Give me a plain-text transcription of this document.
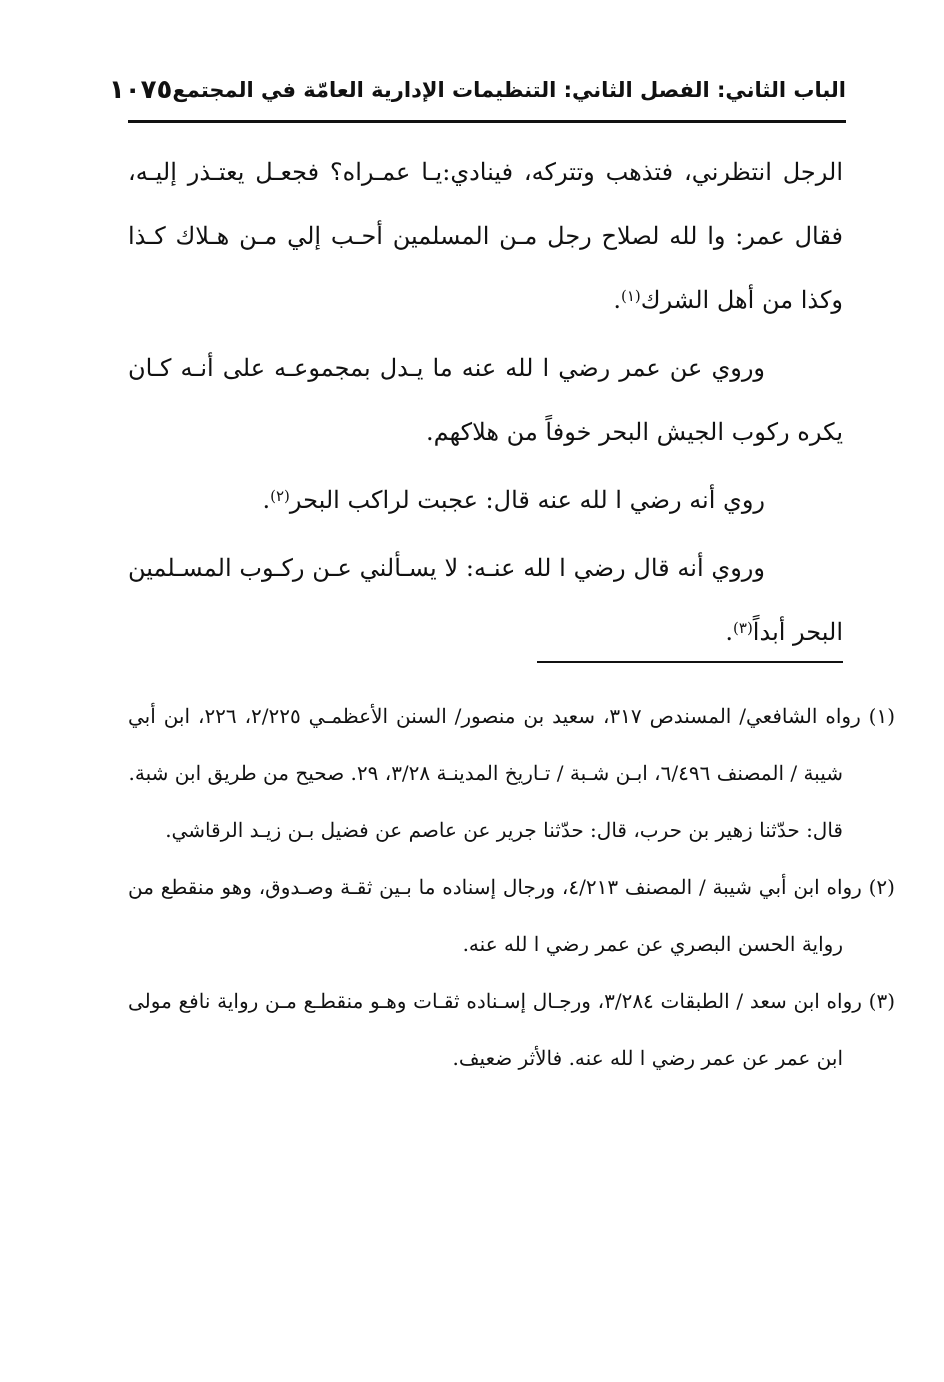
الباب الثاني: الفصل الثاني: التنظيمات الإدارية العامّة في المجتمع
١٠٧٥

الرجل انتظرني، فتذهب وتتركه، فينادي:يـا عمـراه؟ فجعـل يعتـذر إليـه، فقال عمر: وا لله لصلاح رجل مـن المسلمين أحـب إلي مـن هـلاك كـذا وكذا من أهل الشرك$^{(١)}$.

وروي عن عمر رضي ا لله عنه ما يـدل بمجموعـه على أنـه كـان يكره ركوب الجيش البحر خوفاً من هلاكهم.

روي أنه رضي ا لله عنه قال: عجبت لراكب البحر$^{(٢)}$.

وروي أنه قال رضي ا لله عنـه: لا يسـألني عـن ركـوب المسـلمين البحر أبداً$^{(٣)}$.

(١) رواه الشافعي/ المسندص ٣١٧، سعيد بن منصور/ السنن الأعظمـي ٢/٢٢٥، ٢٢٦، ابن أبي شيبة / المصنف ٦/٤٩٦، ابـن شـبة / تـاريخ المدينـة ٣/٢٨، ٢٩. صحيح من طريق ابن شبة.

قال: حدّثنا زهير بن حرب، قال: حدّثنا جرير عن عاصم عن فضيل بـن زيـد الرقاشي.

(٢) رواه ابن أبي شيبة / المصنف ٤/٢١٣، ورجال إسناده ما بـين ثقـة وصـدوق، وهو منقطع من رواية الحسن البصري عن عمر رضي ا لله عنه.

(٣) رواه ابن سعد / الطبقات ٣/٢٨٤، ورجـال إسـناده ثقـات وهـو منقطـع مـن رواية نافع مولى ابن عمر عن عمر رضي ا لله عنه. فالأثر ضعيف.
